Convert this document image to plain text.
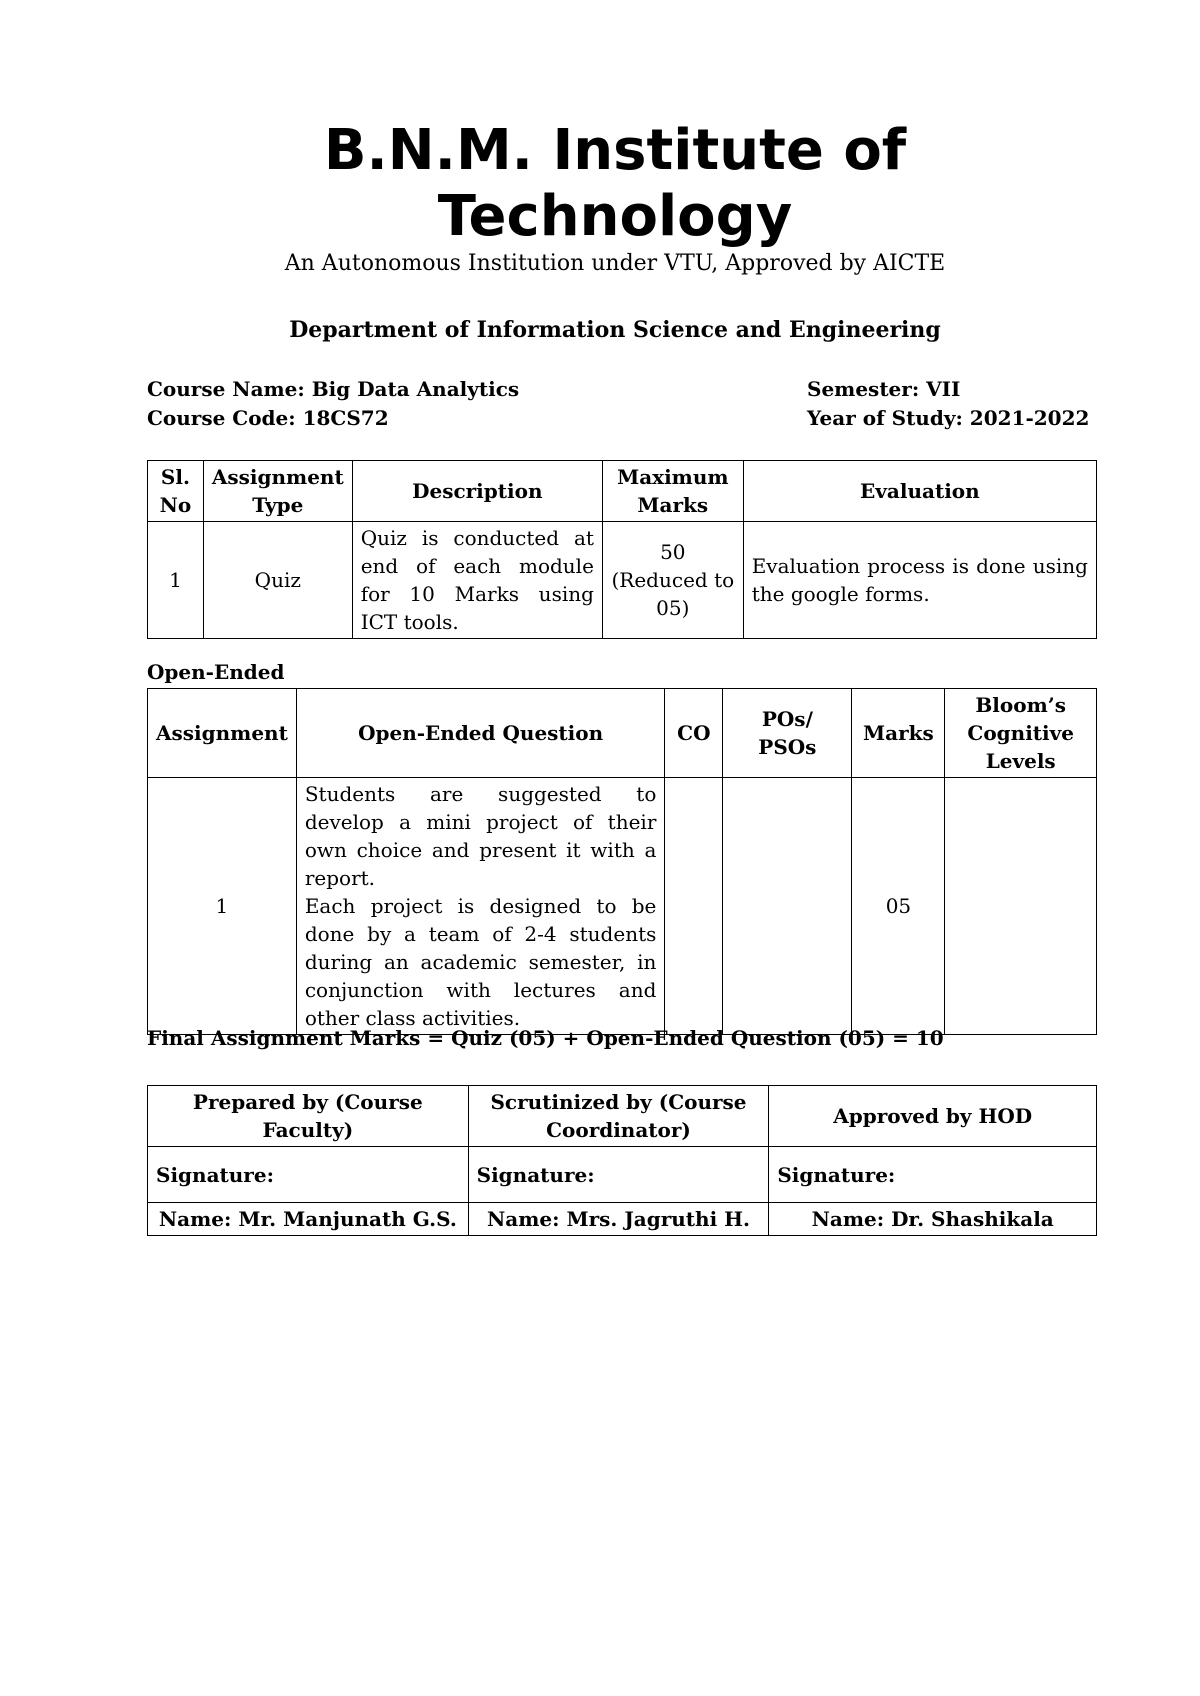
B.N.M. Institute of Technology
An Autonomous Institution under VTU, Approved by AICTE
Department of Information Science and Engineering
Course Name: Big Data Analytics
Course Code: 18CS72
Semester: VII
Year of Study: 2021-2022
Sl. No	Assignment Type	Description	Maximum Marks	Evaluation
1	Quiz	Quiz is conducted at end of each module for 10 Marks using ICT tools.	50 (Reduced to 05)	Evaluation process is done using the google forms.
Open-Ended
Assignment	Open-Ended Question	CO	POs/ PSOs	Marks	Bloom’s Cognitive Levels
1	Students are suggested to develop a mini project of their own choice and present it with a report.
Each project is designed to be done by a team of 2-4 students during an academic semester, in conjunction with lectures and other class activities.			05	
Final Assignment Marks = Quiz (05) + Open-Ended Question (05) = 10
Prepared by (Course Faculty)	Scrutinized by (Course Coordinator)	Approved by HOD
Signature:	Signature:	Signature:
Name: Mr. Manjunath G.S.	Name: Mrs. Jagruthi H.	Name: Dr. Shashikala
